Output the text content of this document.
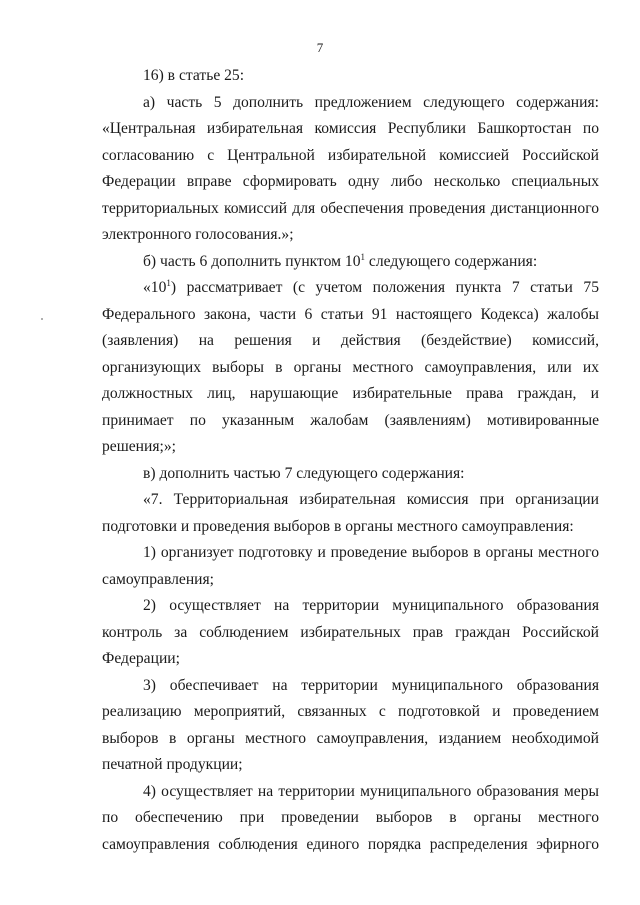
7

16) в статье 25:

а) часть 5 дополнить предложением следующего содержания: «Центральная избирательная комиссия Республики Башкортостан по согласованию с Центральной избирательной комиссией Российской Федерации вправе сформировать одну либо несколько специальных территориальных комиссий для обеспечения проведения дистанционного электронного голосования.»;

б) часть 6 дополнить пунктом $10^1$ следующего содержания:

«$10^1$) рассматривает (с учетом положения пункта 7 статьи 75 Федерального закона, части 6 статьи 91 настоящего Кодекса) жалобы (заявления) на решения и действия (бездействие) комиссий, организующих выборы в органы местного самоуправления, или их должностных лиц, нарушающие избирательные права граждан, и принимает по указанным жалобам (заявлениям) мотивированные решения;»;

в) дополнить частью 7 следующего содержания:

«7. Территориальная избирательная комиссия при организации подготовки и проведения выборов в органы местного самоуправления:

1) организует подготовку и проведение выборов в органы местного самоуправления;

2) осуществляет на территории муниципального образования контроль за соблюдением избирательных прав граждан Российской Федерации;

3) обеспечивает на территории муниципального образования реализацию мероприятий, связанных с подготовкой и проведением выборов в органы местного самоуправления, изданием необходимой печатной продукции;

4) осуществляет на территории муниципального образования меры по обеспечению при проведении выборов в органы местного самоуправления соблюдения единого порядка распределения эфирного
